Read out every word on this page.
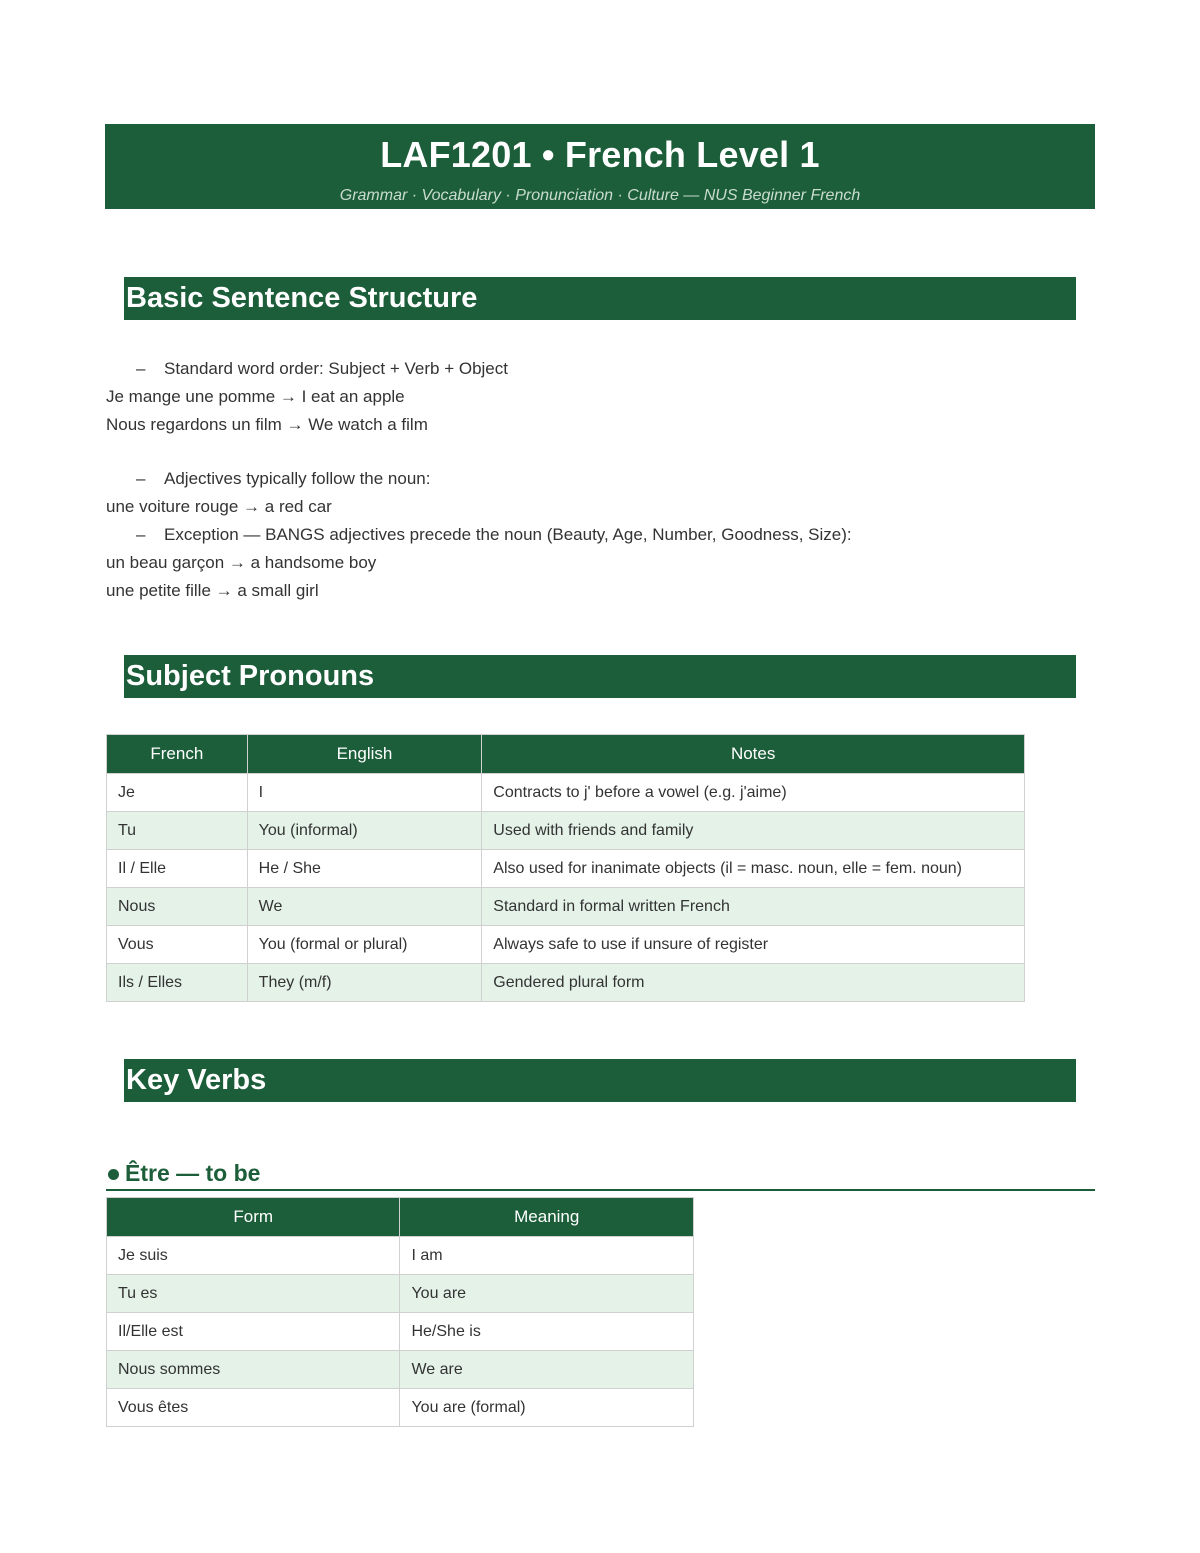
LAF1201 • French Level 1
Grammar · Vocabulary · Pronunciation · Culture — NUS Beginner French
Basic Sentence Structure
– Standard word order: Subject + Verb + Object
Je mange une pomme → I eat an apple
Nous regardons un film → We watch a film
– Adjectives typically follow the noun:
une voiture rouge → a red car
– Exception — BANGS adjectives precede the noun (Beauty, Age, Number, Goodness, Size):
un beau garçon → a handsome boy
une petite fille → a small girl
Subject Pronouns
French	English	Notes
Je	I	Contracts to j' before a vowel (e.g. j'aime)
Tu	You (informal)	Used with friends and family
Il / Elle	He / She	Also used for inanimate objects (il = masc. noun, elle = fem. noun)
Nous	We	Standard in formal written French
Vous	You (formal or plural)	Always safe to use if unsure of register
Ils / Elles	They (m/f)	Gendered plural form
Key Verbs
Être — to be
Form	Meaning
Je suis	I am
Tu es	You are
Il/Elle est	He/She is
Nous sommes	We are
Vous êtes	You are (formal)
